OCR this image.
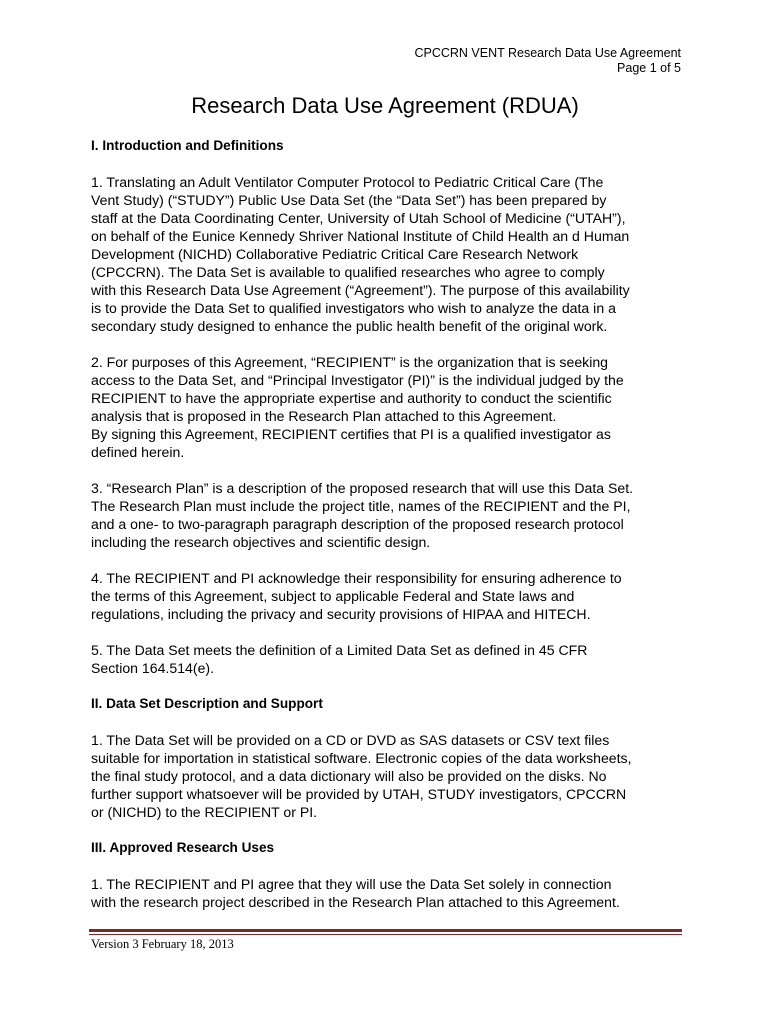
CPCCRN VENT Research Data Use Agreement
Page 1 of 5
Research Data Use Agreement (RDUA)
I. Introduction and Definitions
1. Translating an Adult Ventilator Computer Protocol to Pediatric Critical Care (The
Vent Study) (“STUDY”) Public Use Data Set (the “Data Set”) has been prepared by
staff at the Data Coordinating Center, University of Utah School of Medicine (“UTAH”),
on behalf of the Eunice Kennedy Shriver National Institute of Child Health an d Human
Development (NICHD) Collaborative Pediatric Critical Care Research Network
(CPCCRN). The Data Set is available to qualified researches who agree to comply
with this Research Data Use Agreement (“Agreement”). The purpose of this availability
is to provide the Data Set to qualified investigators who wish to analyze the data in a
secondary study designed to enhance the public health benefit of the original work.
2. For purposes of this Agreement, “RECIPIENT” is the organization that is seeking
access to the Data Set, and “Principal Investigator (PI)” is the individual judged by the
RECIPIENT to have the appropriate expertise and authority to conduct the scientific
analysis that is proposed in the Research Plan attached to this Agreement.
By signing this Agreement, RECIPIENT certifies that PI is a qualified investigator as
defined herein.
3. “Research Plan” is a description of the proposed research that will use this Data Set.
The Research Plan must include the project title, names of the RECIPIENT and the PI,
and a one- to two-paragraph paragraph description of the proposed research protocol
including the research objectives and scientific design.
4. The RECIPIENT and PI acknowledge their responsibility for ensuring adherence to
the terms of this Agreement, subject to applicable Federal and State laws and
regulations, including the privacy and security provisions of HIPAA and HITECH.
5. The Data Set meets the definition of a Limited Data Set as defined in 45 CFR
Section 164.514(e).
II. Data Set Description and Support
1. The Data Set will be provided on a CD or DVD as SAS datasets or CSV text files
suitable for importation in statistical software. Electronic copies of the data worksheets,
the final study protocol, and a data dictionary will also be provided on the disks. No
further support whatsoever will be provided by UTAH, STUDY investigators, CPCCRN
or (NICHD) to the RECIPIENT or PI.
III. Approved Research Uses
1. The RECIPIENT and PI agree that they will use the Data Set solely in connection
with the research project described in the Research Plan attached to this Agreement.
Version 3 February 18, 2013
